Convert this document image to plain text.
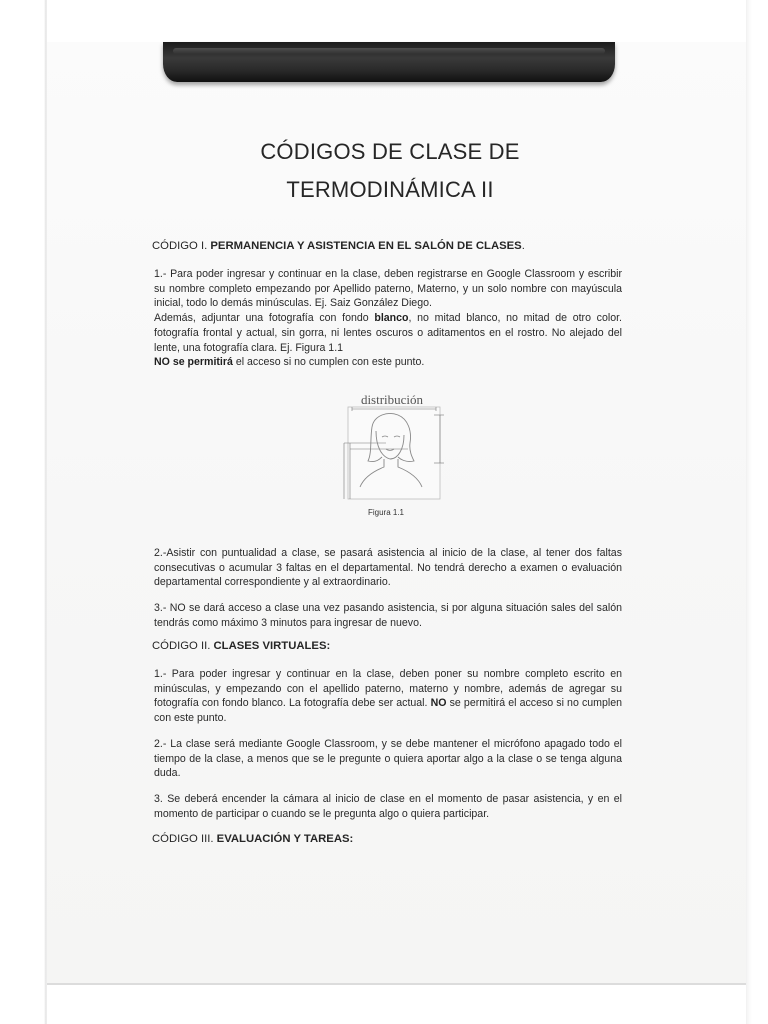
CÓDIGOS DE CLASE DE
TERMODINÁMICA II

CÓDIGO I. PERMANENCIA Y ASISTENCIA EN EL SALÓN DE CLASES.

1.- Para poder ingresar y continuar en la clase, deben registrarse en Google Classroom y escribir su nombre completo empezando por Apellido paterno, Materno, y un solo nombre con mayúscula inicial, todo lo demás minúsculas. Ej. Saiz González Diego.
Además, adjuntar una fotografía con fondo blanco, no mitad blanco, no mitad de otro color. fotografía frontal y actual, sin gorra, ni lentes oscuros o aditamentos en el rostro. No alejado del lente, una fotografía clara. Ej. Figura 1.1
NO se permitirá el acceso si no cumplen con este punto.

distribución

Figura 1.1

2.-Asistir con puntualidad a clase, se pasará asistencia al inicio de la clase, al tener dos faltas consecutivas o acumular 3 faltas en el departamental. No tendrá derecho a examen o evaluación departamental correspondiente y al extraordinario.

3.- NO se dará acceso a clase una vez pasando asistencia, si por alguna situación sales del salón tendrás como máximo 3 minutos para ingresar de nuevo.

CÓDIGO II. CLASES VIRTUALES:

1.- Para poder ingresar y continuar en la clase, deben poner su nombre completo escrito en minúsculas, y empezando con el apellido paterno, materno y nombre, además de agregar su fotografía con fondo blanco. La fotografía debe ser actual. NO se permitirá el acceso si no cumplen con este punto.

2.- La clase será mediante Google Classroom, y se debe mantener el micrófono apagado todo el tiempo de la clase, a menos que se le pregunte o quiera aportar algo a la clase o se tenga alguna duda.

3. Se deberá encender la cámara al inicio de clase en el momento de pasar asistencia, y en el momento de participar o cuando se le pregunta algo o quiera participar.

CÓDIGO III. EVALUACIÓN Y TAREAS:
